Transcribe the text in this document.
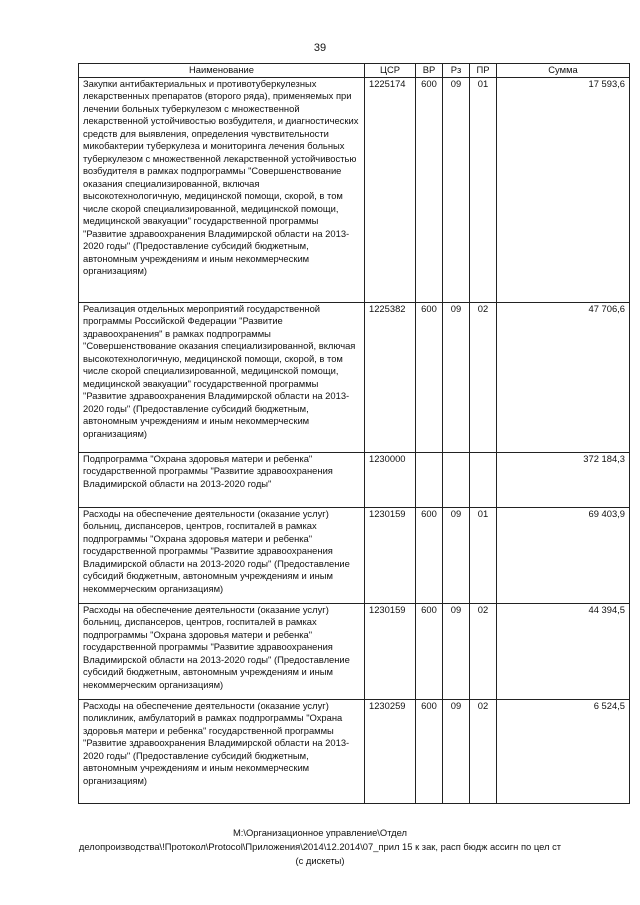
39
Наименование	ЦСР	ВР	Рз	ПР	Сумма
Закупки антибактериальных и противотуберкулезных лекарственных препаратов (второго ряда), применяемых при лечении больных туберкулезом с множественной лекарственной устойчивостью возбудителя, и диагностических средств для выявления, определения чувствительности микобактерии туберкулеза и мониторинга лечения больных туберкулезом с множественной лекарственной устойчивостью возбудителя в рамках подпрограммы "Совершенствование оказания специализированной, включая высокотехнологичную, медицинской помощи, скорой, в том числе скорой специализированной, медицинской помощи, медицинской эвакуации" государственной программы "Развитие здравоохранения Владимирской области на 2013-2020 годы" (Предоставление субсидий бюджетным, автономным учреждениям и иным некоммерческим организациям)	1225174	600	09	01	17 593,6
Реализация отдельных мероприятий государственной программы Российской Федерации "Развитие здравоохранения" в рамках подпрограммы "Совершенствование оказания специализированной, включая высокотехнологичную, медицинской помощи, скорой, в том числе скорой специализированной, медицинской помощи, медицинской эвакуации" государственной программы "Развитие здравоохранения Владимирской области на 2013-2020 годы" (Предоставление субсидий бюджетным, автономным учреждениям и иным некоммерческим организациям)	1225382	600	09	02	47 706,6
Подпрограмма "Охрана здоровья матери и ребенка" государственной программы "Развитие здравоохранения Владимирской области на 2013-2020 годы"	1230000				372 184,3
Расходы на обеспечение деятельности (оказание услуг) больниц, диспансеров, центров, госпиталей в рамках подпрограммы "Охрана здоровья матери и ребенка" государственной программы "Развитие здравоохранения Владимирской области на 2013-2020 годы" (Предоставление субсидий бюджетным, автономным учреждениям и иным некоммерческим организациям)	1230159	600	09	01	69 403,9
Расходы на обеспечение деятельности (оказание услуг) больниц, диспансеров, центров, госпиталей в рамках подпрограммы "Охрана здоровья матери и ребенка" государственной программы "Развитие здравоохранения Владимирской области на 2013-2020 годы" (Предоставление субсидий бюджетным, автономным учреждениям и иным некоммерческим организациям)	1230159	600	09	02	44 394,5
Расходы на обеспечение деятельности (оказание услуг) поликлиник, амбулаторий в рамках подпрограммы "Охрана здоровья матери и ребенка" государственной программы "Развитие здравоохранения Владимирской области на 2013-2020 годы" (Предоставление субсидий бюджетным, автономным учреждениям и иным некоммерческим организациям)	1230259	600	09	02	6 524,5
M:\Организационное управление\Отдел
делопроизводства\!Протокол\Protocol\Приложения\2014\12.2014\07_прил 15 к зак, расп бюдж ассигн по цел ст
(с дискеты)
